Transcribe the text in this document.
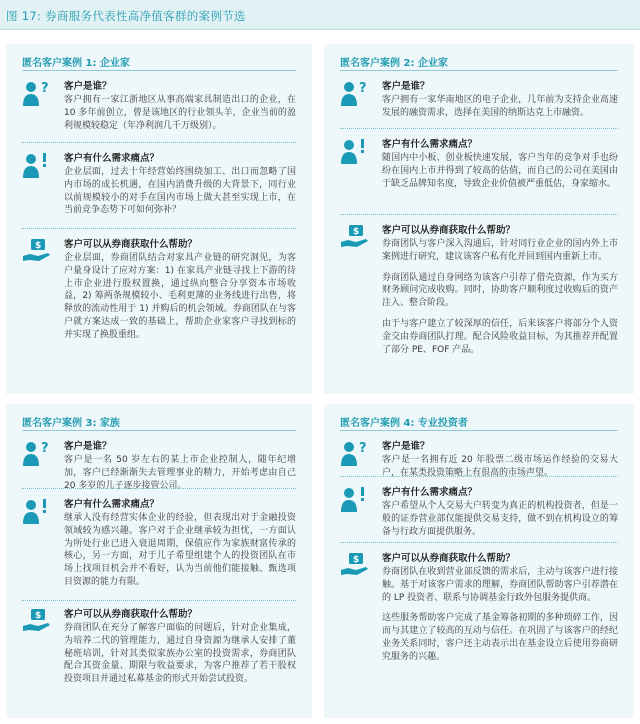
图 17: 券商服务代表性高净值客群的案例节选
匿名客户案例 1: 企业家
? 客户是谁？

客户拥有一家江浙地区从事高端家具制造出口的企业，在 10 多年前创立，曾是该地区的行业领头羊，企业当前的盈利规模较稳定（年净利润几千万级别）。

客户有什么需求痛点？

企业层面，过去十年经营始终围绕加工、出口而忽略了国内市场的成长机遇，在国内消费升级的大背景下，同行业以前规模较小的对手在国内市场上做大甚至实现上市，在当前竞争态势下可如何弥补？

$ 客户可以从券商获取什么帮助？

企业层面，券商团队结合对家具产业链的研究洞见，为客户量身设计了应对方案：1) 在家具产业链寻找上下游的待上市企业进行股权置换，通过纵向整合分享资本市场收益，2) 筹两条规模较小、毛利更薄的业务线进行出售，将释放的流动性用于 1) 并购后的机会领域。券商团队在与客户就方案达成一致的基础上，帮助企业家客户寻找到标的并实现了换股重组。

匿名客户案例 2: 企业家
? 客户是谁？

客户拥有一家华南地区的电子企业，几年前为支持企业高速发展的融资需求，选择在美国的纳斯达克上市融资。

客户有什么需求痛点？

随国内中小板、创业板快速发展，客户当年的竞争对手也纷纷在国内上市并得到了较高的估值，而自己的公司在美国由于缺乏品牌知名度，导致企业价值被严重低估，身家缩水。

$ 客户可以从券商获取什么帮助？

券商团队与客户深入沟通后，针对同行业企业的国内外上市案例进行研究，建议该客户私有化并回到国内重新上市。

券商团队通过自身网络为该客户引荐了借壳资源，作为买方财务顾问完成收购。同时，协助客户顺利度过收购后的资产注入、整合阶段。

由于与客户建立了较深厚的信任，后来该客户将部分个人资金交由券商团队打理。配合风险收益目标，为其推荐并配置了部分 PE、FOF 产品。

匿名客户案例 3: 家族
? 客户是谁？

客户是一名 50 岁左右的某上市企业控制人，随年纪增加，客户已经渐渐失去管理事业的精力，开始考虑由自己 20 多岁的儿子逐步接管公司。

客户有什么需求痛点？

继承人没有经营实体企业的经验，但表现出对于金融投资领域较为感兴趣。客户对于企业继承较为担忧，一方面认为所处行业已进入衰退周期，保值应作为家族财富传承的核心，另一方面，对于儿子希望组建个人的投资团队在市场上找项目机会并不看好，认为当前他们能接触、甄选项目资源的能力有限。

$ 客户可以从券商获取什么帮助？

券商团队在充分了解客户面临的问题后，针对企业集成，为培养二代的管理能力，通过自身资源为继承人安排了董秘班培训，针对其类似家族办公室的投资需求，券商团队配合其资金量、期限与收益要求，为客户推荐了若干股权投资项目并通过私募基金的形式开始尝试投资。

匿名客户案例 4: 专业投资者
? 客户是谁？

客户是一名拥有近 20 年股票二级市场运作经验的交易大户，在某类投资策略上有很高的市场声望。

客户有什么需求痛点？

客户希望从个人交易大户转变为真正的机构投资者，但是一般的证券营业部仅能提供交易支持，做不到在机构设立的筹备与行政方面提供服务。

$ 客户可以从券商获取什么帮助？

券商团队在收到营业部反馈的需求后，主动与该客户进行接触。基于对该客户需求的理解，券商团队帮助客户引荐潜在的 LP 投资者、联系与协调基金行政外包服务提供商。

这些服务帮助客户完成了基金筹备初期的多种琐碎工作，因而与其建立了较高的互动与信任。在巩固了与该客户的经纪业务关系同时，客户还主动表示出在基金设立后使用券商研究服务的兴趣。
